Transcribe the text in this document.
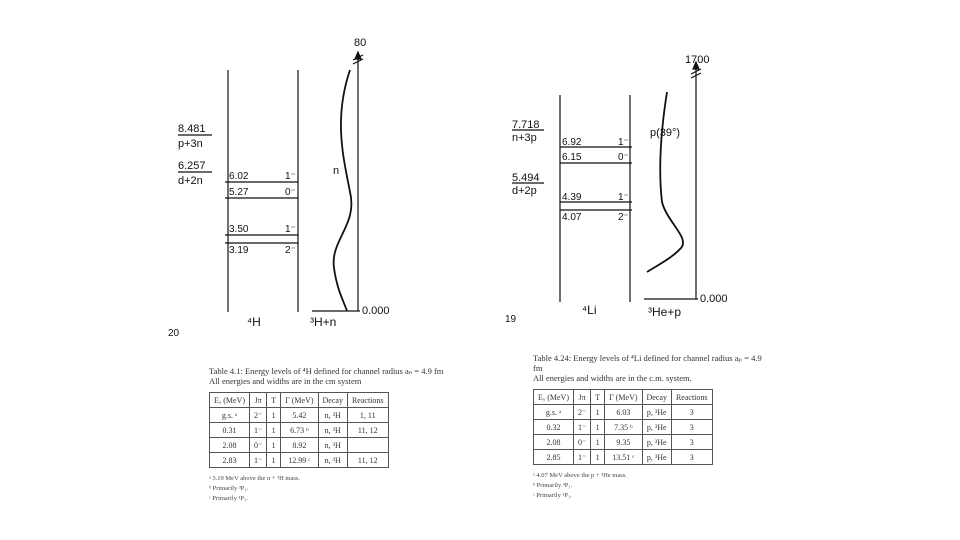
80
8.481
p+3n
6.257
d+2n	6.02	1⁻
5.27	0⁻
3.50	1⁻
3.19	2⁻
n
⁴H	³H+n
0.000
20
1700
7.718
n+3p
5.494
d+2p
6.92	1⁻
6.15	0⁻
4.39	1⁻
4.07	2⁻
p(39°)
⁴Li	³He+p
0.000
19
Table 4.1: Energy levels of ⁴H defined for channel radius aₙ = 4.9 fm
All energies and widths are in the cm system
Eₓ (MeV)	Jπ	T	Γ (MeV)	Decay	Reactions
g.s. ᵃ	2⁻	1	5.42	n, ³H	1, 11
0.31	1⁻	1	6.73 ᵇ	n, ³H	11, 12
2.08	0⁻	1	8.92	n, ³H	
2.83	1⁻	1	12.99 ᶜ	n, ³H	11, 12
ᵃ 3.19 MeV above the n + ³H mass.
ᵇ Primarily ³P₁.
ᶜ Primarily ¹P₁.
Table 4.24: Energy levels of ⁴Li defined for channel radius aₚ = 4.9 fm
All energies and widths are in the c.m. system.
Eₓ (MeV)	Jπ	T	Γ (MeV)	Decay	Reactions
g.s. ᵃ	2⁻	1	6.03	p, ³He	3
0.32	1⁻	1	7.35 ᵇ	p, ³He	3
2.08	0⁻	1	9.35	p, ³He	3
2.85	1⁻	1	13.51 ᶜ	p, ³He	3
ᵃ 4.07 MeV above the p + ³He mass.
ᵇ Primarily ³P₁.
ᶜ Primarily ¹P₁.
